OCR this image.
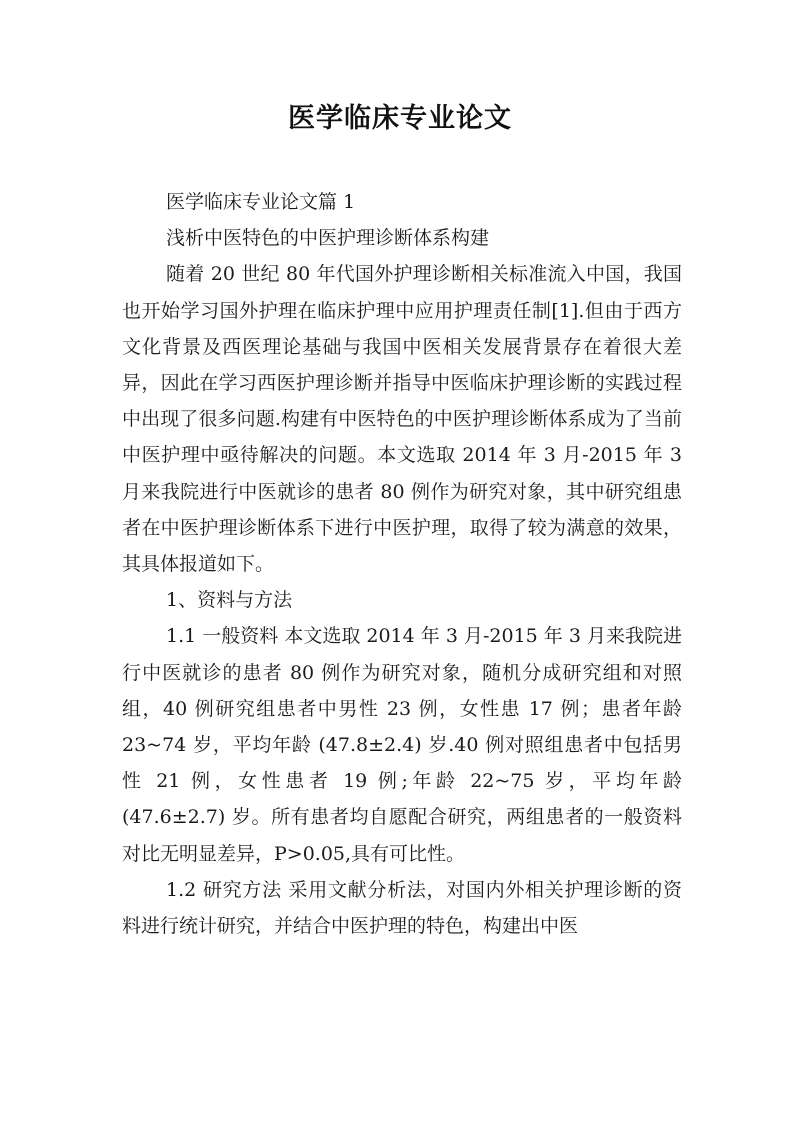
医学临床专业论文

医学临床专业论文篇 1

浅析中医特色的中医护理诊断体系构建

随着 20 世纪 80 年代国外护理诊断相关标准流入中国，我国也开始学习国外护理在临床护理中应用护理责任制[1].但由于西方文化背景及西医理论基础与我国中医相关发展背景存在着很大差异，因此在学习西医护理诊断并指导中医临床护理诊断的实践过程中出现了很多问题.构建有中医特色的中医护理诊断体系成为了当前中医护理中亟待解决的问题。本文选取 2014 年 3 月-2015 年 3 月来我院进行中医就诊的患者 80 例作为研究对象，其中研究组患者在中医护理诊断体系下进行中医护理，取得了较为满意的效果，其具体报道如下。

1、资料与方法

1.1 一般资料 本文选取 2014 年 3 月-2015 年 3 月来我院进行中医就诊的患者 80 例作为研究对象，随机分成研究组和对照组，40 例研究组患者中男性 23 例，女性患 17 例；患者年龄 23~74 岁，平均年龄 (47.8±2.4) 岁.40 例对照组患者中包括男性 21 例，女性患者 19 例;年龄 22~75 岁，平均年龄 (47.6±2.7) 岁。所有患者均自愿配合研究，两组患者的一般资料对比无明显差异，P>0.05,具有可比性。

1.2 研究方法 采用文献分析法，对国内外相关护理诊断的资料进行统计研究，并结合中医护理的特色，构建出中医
